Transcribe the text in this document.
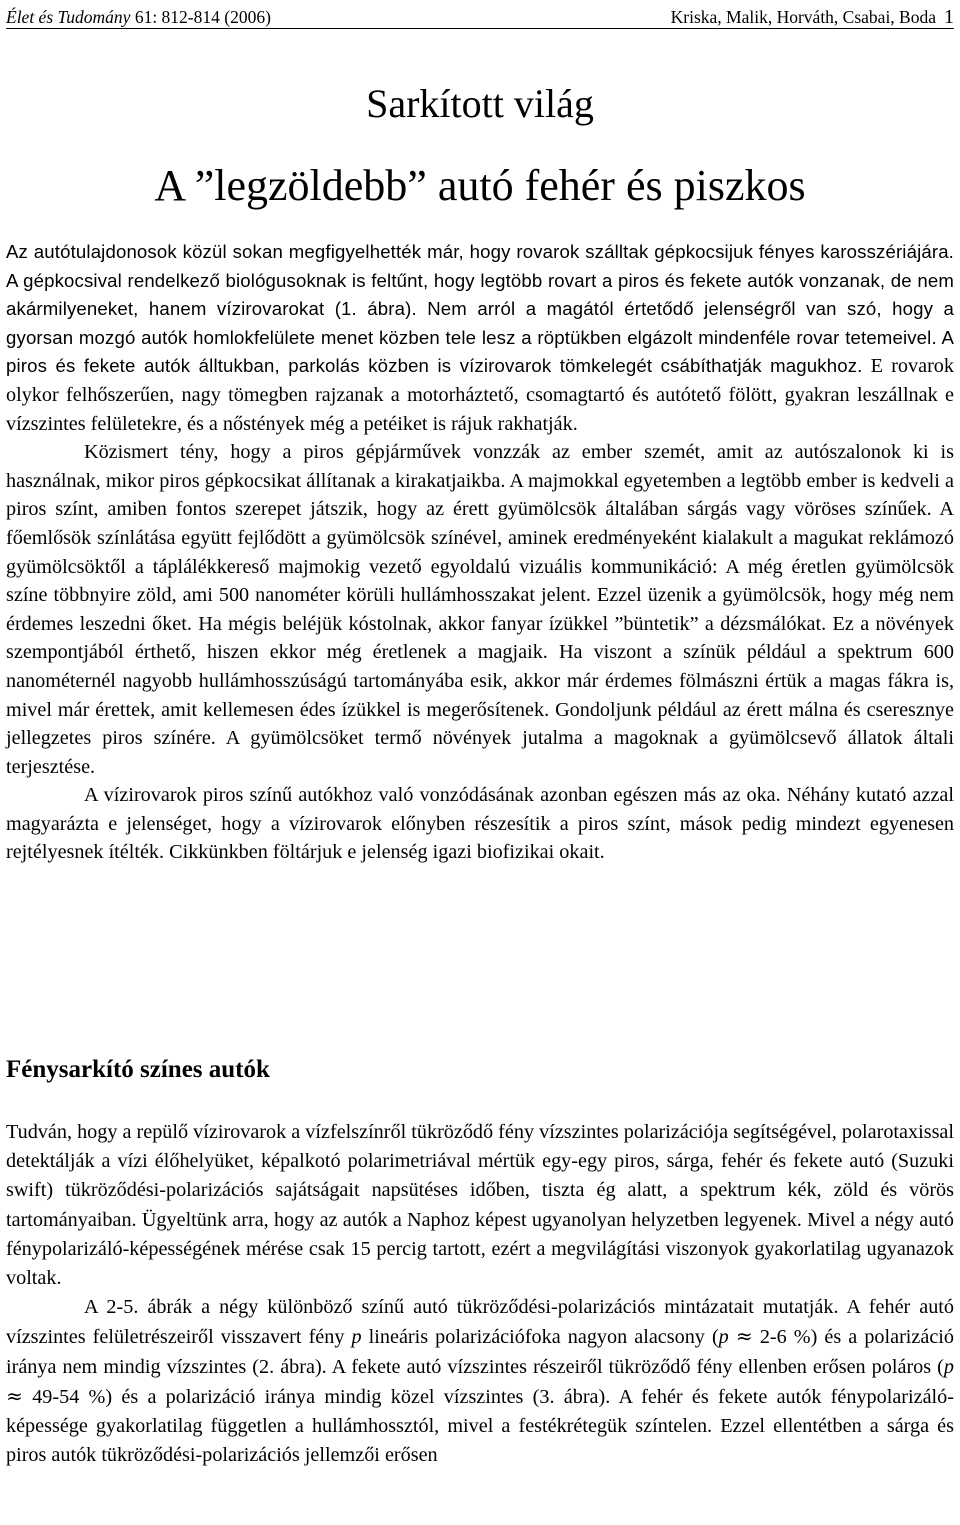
Élet és Tudomány 61: 812-814 (2006)	Kriska, Malik, Horváth, Csabai, Boda 1
Sarkított világ
A ”legzöldebb” autó fehér és piszkos

Az autótulajdonosok közül sokan megfigyelhették már, hogy rovarok szálltak gépkocsijuk fényes karosszériájára. A gépkocsival rendelkező biológusoknak is feltűnt, hogy legtöbb rovart a piros és fekete autók vonzanak, de nem akármilyeneket, hanem vízirovarokat (1. ábra). Nem arról a magától értetődő jelenségről van szó, hogy a gyorsan mozgó autók homlokfelülete menet közben tele lesz a röptükben elgázolt mindenféle rovar tetemeivel. A piros és fekete autók álltukban, parkolás közben is vízirovarok tömkelegét csábíthatják magukhoz. E rovarok olykor felhőszerűen, nagy tömegben rajzanak a motorháztető, csomagtartó és autótető fölött, gyakran leszállnak e vízszintes felületekre, és a nőstények még a petéiket is rájuk rakhatják.

Közismert tény, hogy a piros gépjárművek vonzzák az ember szemét, amit az autószalonok ki is használnak, mikor piros gépkocsikat állítanak a kirakatjaikba. A majmokkal egyetemben a legtöbb ember is kedveli a piros színt, amiben fontos szerepet játszik, hogy az érett gyümölcsök általában sárgás vagy vöröses színűek. A főemlősök színlátása együtt fejlődött a gyümölcsök színével, aminek eredményeként kialakult a magukat reklámozó gyümölcsöktől a táplálékkereső majmokig vezető egyoldalú vizuális kommunikáció: A még éretlen gyümölcsök színe többnyire zöld, ami 500 nanométer körüli hullámhosszakat jelent. Ezzel üzenik a gyümölcsök, hogy még nem érdemes leszedni őket. Ha mégis beléjük kóstolnak, akkor fanyar ízükkel ”büntetik” a dézsmálókat. Ez a növények szempontjából érthető, hiszen ekkor még éretlenek a magjaik. Ha viszont a színük például a spektrum 600 nanométernél nagyobb hullámhosszúságú tartományába esik, akkor már érdemes fölmászni értük a magas fákra is, mivel már érettek, amit kellemesen édes ízükkel is megerősítenek. Gondoljunk például az érett málna és cseresznye jellegzetes piros színére. A gyümölcsöket termő növények jutalma a magoknak a gyümölcsevő állatok általi terjesztése.

A vízirovarok piros színű autókhoz való vonzódásának azonban egészen más az oka. Néhány kutató azzal magyarázta e jelenséget, hogy a vízirovarok előnyben részesítik a piros színt, mások pedig mindezt egyenesen rejtélyesnek ítélték. Cikkünkben föltárjuk e jelenség igazi biofizikai okait.

Fénysarkító színes autók

Tudván, hogy a repülő vízirovarok a vízfelszínről tükröződő fény vízszintes polarizációja segítségével, polarotaxissal detektálják a vízi élőhelyüket, képalkotó polarimetriával mértük egy-egy piros, sárga, fehér és fekete autó (Suzuki swift) tükröződési-polarizációs sajátságait napsütéses időben, tiszta ég alatt, a spektrum kék, zöld és vörös tartományaiban. Ügyeltünk arra, hogy az autók a Naphoz képest ugyanolyan helyzetben legyenek. Mivel a négy autó fénypolarizáló-képességének mérése csak 15 percig tartott, ezért a megvilágítási viszonyok gyakorlatilag ugyanazok voltak.

A 2-5. ábrák a négy különböző színű autó tükröződési-polarizációs mintázatait mutatják. A fehér autó vízszintes felületrészeiről visszavert fény p lineáris polarizációfoka nagyon alacsony (p ≈ 2-6 %) és a polarizáció iránya nem mindig vízszintes (2. ábra). A fekete autó vízszintes részeiről tükröződő fény ellenben erősen poláros (p ≈ 49-54 %) és a polarizáció iránya mindig közel vízszintes (3. ábra). A fehér és fekete autók fénypolarizáló-képessége gyakorlatilag független a hullámhossztól, mivel a festékrétegük színtelen. Ezzel ellentétben a sárga és piros autók tükröződési-polarizációs jellemzői erősen
